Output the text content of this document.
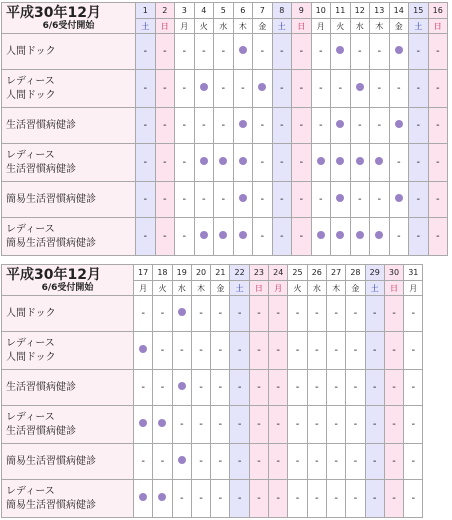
平成30年12月
6/6受付開始	1	2	3	4	5	6	7	8	9	10	11	12	13	14	15	16
	土	日	月	火	水	木	金	土	日	月	火	水	木	金	土	日
人間ドック	-	-	-	-	-		-	-	-	-		-	-		-	-
レディース
人間ドック	-	-	-		-	-		-	-	-	-		-	-	-	-
生活習慣病健診	-	-	-	-	-		-	-	-	-		-	-		-	-
レディース
生活習慣病健診	-	-	-				-	-	-					-	-	-
簡易生活習慣病健診	-	-	-	-	-		-	-	-	-		-	-		-	-
レディース
簡易生活習慣病健診	-	-	-				-	-	-					-	-	-
平成30年12月
6/6受付開始	17	18	19	20	21	22	23	24	25	26	27	28	29	30	31
	月	火	水	木	金	土	日	月	火	水	木	金	土	日	月
人間ドック	-	-		-	-	-	-	-	-	-	-	-	-	-	-
レディース
人間ドック		-	-	-	-	-	-	-	-	-	-	-	-	-	-
生活習慣病健診	-	-		-	-	-	-	-	-	-	-	-	-	-	-
レディース
生活習慣病健診			-	-	-	-	-	-	-	-	-	-	-	-	-
簡易生活習慣病健診	-	-		-	-	-	-	-	-	-	-	-	-	-	-
レディース
簡易生活習慣病健診			-	-	-	-	-	-	-	-	-	-	-	-	-
